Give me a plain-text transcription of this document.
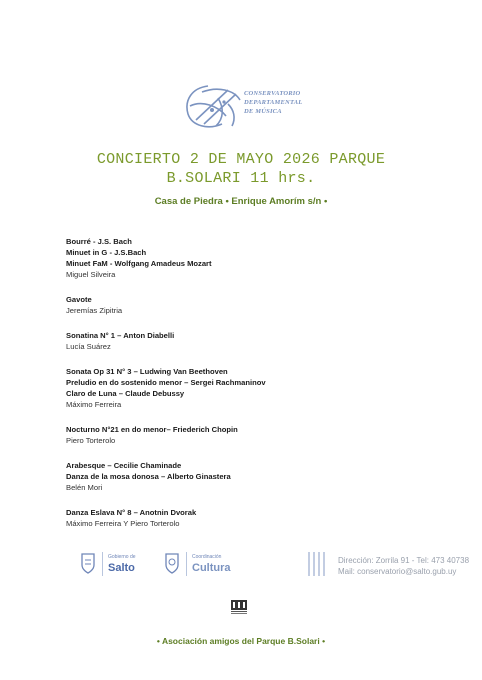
CONSERVATORIO
DEPARTAMENTAL
DE MÚSICA
CONCIERTO 2 DE MAYO 2026 PARQUE
B.SOLARI 11 hrs.
Casa de Piedra • Enrique Amorím s/n •
Bourré - J.S. Bach
Minuet in G - J.S.Bach
Minuet FaM - Wolfgang Amadeus Mozart
Miguel Silveira
Gavote
Jeremías Zipitria
Sonatina N° 1 – Anton Diabelli
Lucía Suárez
Sonata Op 31 N° 3 – Ludwing Van Beethoven
Preludio en do sostenido menor – Sergei Rachmaninov
Claro de Luna – Claude Debussy
Máximo Ferreira
Nocturno N°21 en do menor– Friederich Chopin
Piero Torterolo
Arabesque – Cecilie Chaminade
Danza de la mosa donosa – Alberto Ginastera
Belén Mori
Danza Eslava N° 8 – Anotnin Dvorak
Máximo Ferreira Y Piero Torterolo
Gobierno de
Salto
Coordinación
Cultura
Dirección: Zorrila 91 - Tel: 473 40738
Mail: conservatorio@salto.gub.uy
• Asociación amigos del Parque B.Solari •
